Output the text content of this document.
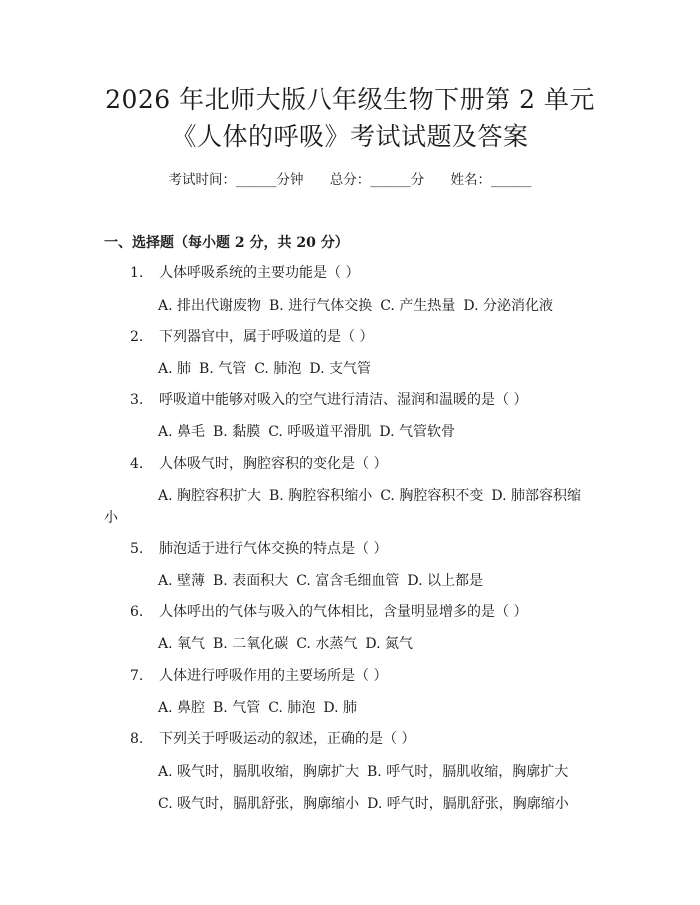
2026 年北师大版八年级生物下册第 2 单元
《人体的呼吸》考试试题及答案
考试时间：______分钟 总分：______分 姓名：______
一、选择题（每小题 2 分，共 20 分）
1. 人体呼吸系统的主要功能是（ ）
A. 排出代谢废物 B. 进行气体交换 C. 产生热量 D. 分泌消化液
2. 下列器官中，属于呼吸道的是（ ）
A. 肺 B. 气管 C. 肺泡 D. 支气管
3. 呼吸道中能够对吸入的空气进行清洁、湿润和温暖的是（ ）
A. 鼻毛 B. 黏膜 C. 呼吸道平滑肌 D. 气管软骨
4. 人体吸气时，胸腔容积的变化是（ ）
A. 胸腔容积扩大 B. 胸腔容积缩小 C. 胸腔容积不变 D. 肺部容积缩
小
5. 肺泡适于进行气体交换的特点是（ ）
A. 壁薄 B. 表面积大 C. 富含毛细血管 D. 以上都是
6. 人体呼出的气体与吸入的气体相比，含量明显增多的是（ ）
A. 氧气 B. 二氧化碳 C. 水蒸气 D. 氮气
7. 人体进行呼吸作用的主要场所是（ ）
A. 鼻腔 B. 气管 C. 肺泡 D. 肺
8. 下列关于呼吸运动的叙述，正确的是（ ）
A. 吸气时，膈肌收缩，胸廓扩大 B. 呼气时，膈肌收缩，胸廓扩大
C. 吸气时，膈肌舒张，胸廓缩小 D. 呼气时，膈肌舒张，胸廓缩小
